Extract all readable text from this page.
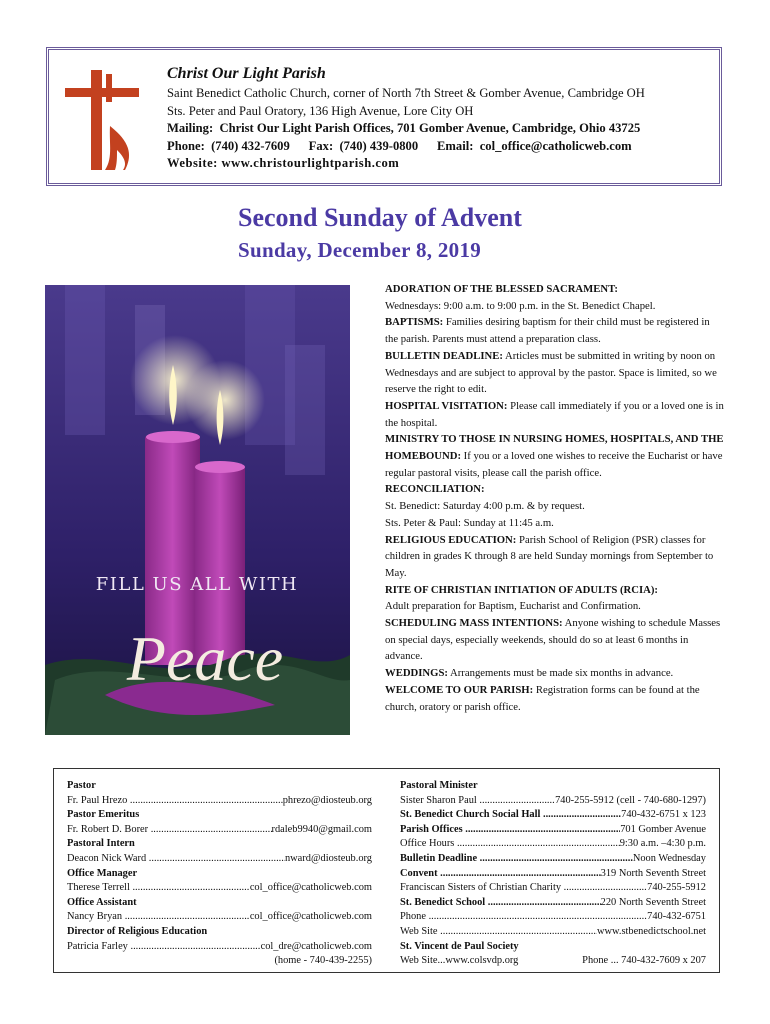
Christ Our Light Parish
Saint Benedict Catholic Church, corner of North 7th Street & Gomber Avenue, Cambridge OH
Sts. Peter and Paul Oratory, 136 High Avenue, Lore City OH
Mailing:  Christ Our Light Parish Offices, 701 Gomber Avenue, Cambridge, Ohio 43725
Phone:  (740) 432-7609      Fax:  (740) 439-0800      Email:  col_office@catholicweb.com
Website: www.christourlightparish.com
Second Sunday of Advent
Sunday, December 8, 2019
FILL US ALL WITH
Peace

ADORATION OF THE BLESSED SACRAMENT:
Wednesdays: 9:00 a.m. to 9:00 p.m. in the St. Benedict Chapel.

BAPTISMS: Families desiring baptism for their child must be registered in the parish. Parents must attend a preparation class.

BULLETIN DEADLINE: Articles must be submitted in writing by noon on Wednesdays and are subject to approval by the pastor. Space is limited, so we reserve the right to edit.

HOSPITAL VISITATION: Please call immediately if you or a loved one is in the hospital.

MINISTRY TO THOSE IN NURSING HOMES, HOSPITALS, AND THE HOMEBOUND: If you or a loved one wishes to receive the Eucharist or have regular pastoral visits, please call the parish office.

RECONCILIATION:
St. Benedict: Saturday 4:00 p.m. & by request.
Sts. Peter & Paul: Sunday at 11:45 a.m.

RELIGIOUS EDUCATION: Parish School of Religion (PSR) classes for children in grades K through 8 are held Sunday mornings from September to May.

RITE OF CHRISTIAN INITIATION OF ADULTS (RCIA):
Adult preparation for Baptism, Eucharist and Confirmation.

SCHEDULING MASS INTENTIONS: Anyone wishing to schedule Masses on special days, especially weekends, should do so at least 6 months in advance.

WEDDINGS: Arrangements must be made six months in advance.

WELCOME TO OUR PARISH: Registration forms can be found at the church, oratory or parish office.

Pastor
Fr. Paul Hrezo .....	phrezo@diosteub.org
Pastor Emeritus
Fr. Robert D. Borer .....	rdaleb9940@gmail.com
Pastoral Intern
Deacon Nick Ward .....	nward@diosteub.org
Office Manager
Therese Terrell .....	col_office@catholicweb.com
Office Assistant
Nancy Bryan .....	col_office@catholicweb.com
Director of Religious Education
Patricia Farley .....	col_dre@catholicweb.com
(home - 740-439-2255)
Pastoral Minister
Sister Sharon Paul .....	740-255-5912 (cell - 740-680-1297)
St. Benedict Church Social Hall .....	740-432-6751 x 123
Parish Offices .....	701 Gomber Avenue
Office Hours .....	9:30 a.m. –4:30 p.m.
Bulletin Deadline .....	Noon Wednesday
Convent .....	319 North Seventh Street
Franciscan Sisters of Christian Charity .....	740-255-5912
St. Benedict School .....	220 North Seventh Street
Phone .....	740-432-6751
Web Site .....	www.stbenedictschool.net
St. Vincent de Paul Society
Web Site...www.colsvdp.org	Phone ... 740-432-7609 x 207
